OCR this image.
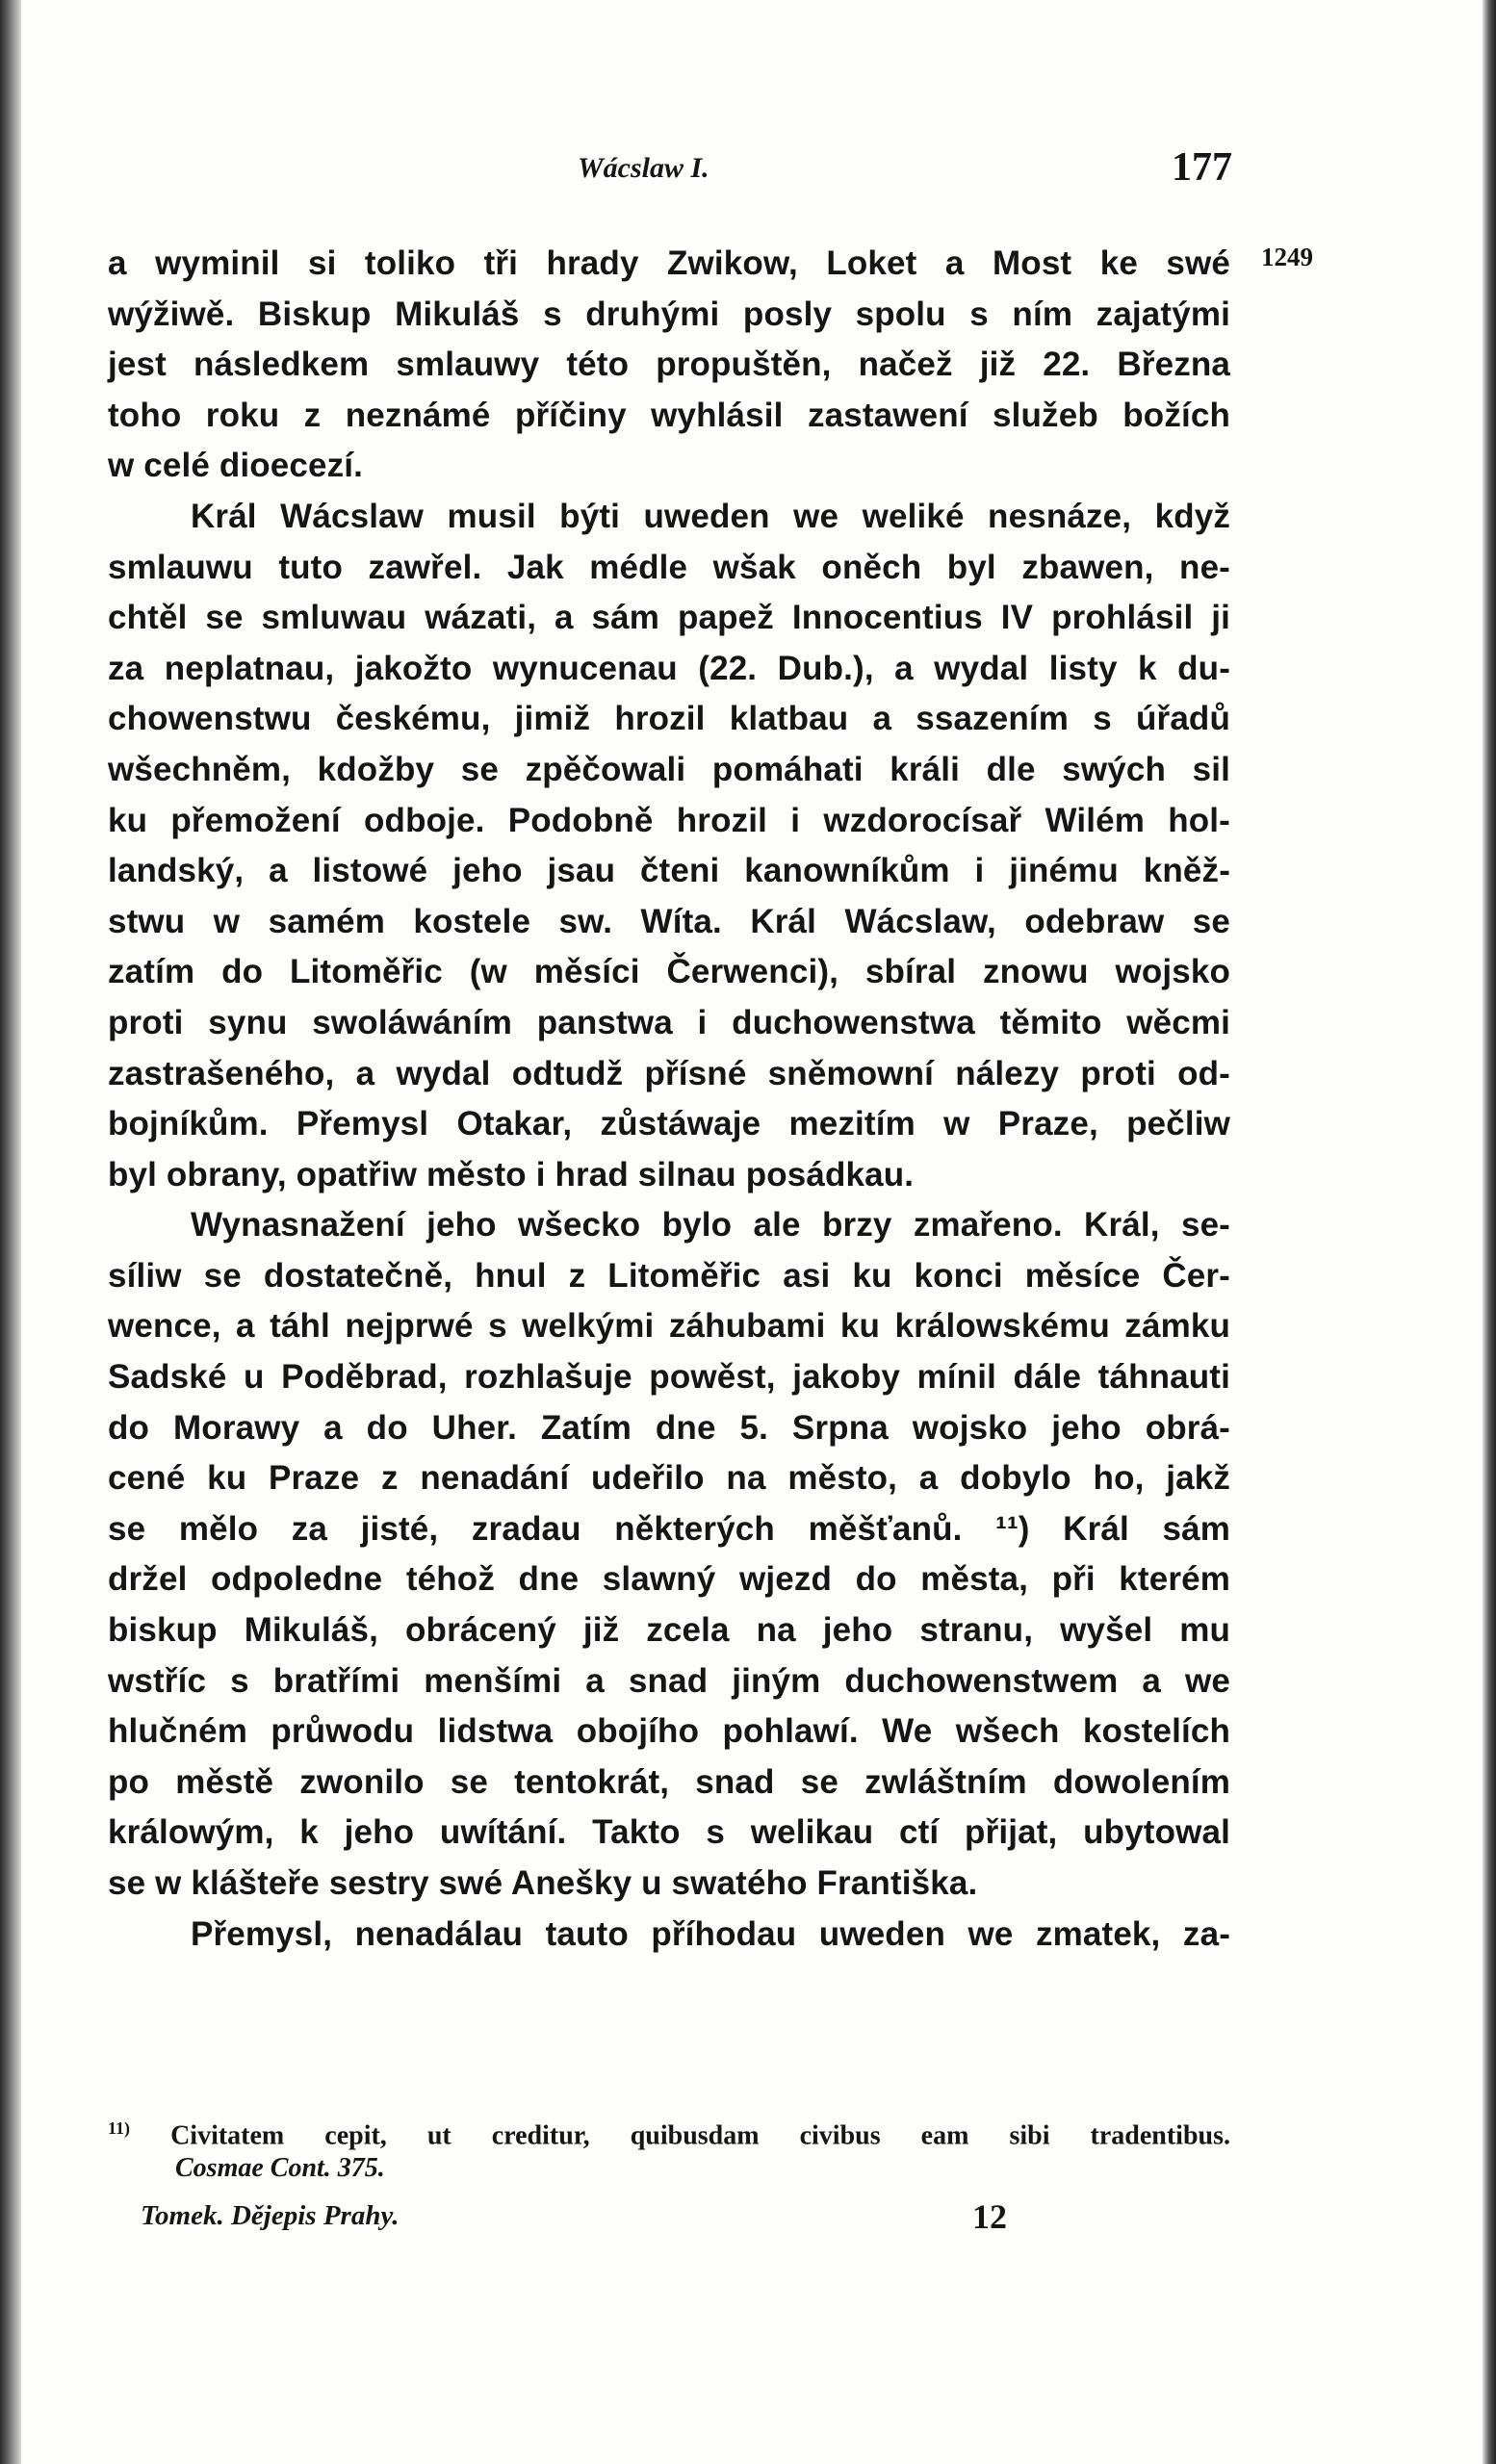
Wácslaw I.	177
1249
a wyminil si toliko tři hrady Zwikow, Loket a Most ke swé
wýžiwě. Biskup Mikuláš s druhými posly spolu s ním zajatými
jest následkem smlauwy této propuštěn, načež již 22. Března
toho roku z neznámé příčiny wyhlásil zastawení služeb božích
w celé dioecezí.
Král Wácslaw musil býti uweden we weliké nesnáze, když
smlauwu tuto zawřel. Jak médle wšak oněch byl zbawen, ne-
chtěl se smluwau wázati, a sám papež Innocentius IV prohlásil ji
za neplatnau, jakožto wynucenau (22. Dub.), a wydal listy k du-
chowenstwu českému, jimiž hrozil klatbau a ssazením s úřadů
wšechněm, kdožby se zpěčowali pomáhati králi dle swých sil
ku přemožení odboje. Podobně hrozil i wzdorocísař Wilém hol-
landský, a listowé jeho jsau čteni kanowníkům i jinému kněž-
stwu w samém kostele sw. Wíta. Král Wácslaw, odebraw se
zatím do Litoměřic (w měsíci Čerwenci), sbíral znowu wojsko
proti synu swoláwáním panstwa i duchowenstwa těmito wěcmi
zastrašeného, a wydal odtudž přísné sněmowní nálezy proti od-
bojníkům. Přemysl Otakar, zůstáwaje mezitím w Praze, pečliw
byl obrany, opatřiw město i hrad silnau posádkau.
Wynasnažení jeho wšecko bylo ale brzy zmařeno. Král, se-
síliw se dostatečně, hnul z Litoměřic asi ku konci měsíce Čer-
wence, a táhl nejprwé s welkými záhubami ku králowskému zámku
Sadské u Poděbrad, rozhlašuje powěst, jakoby mínil dále táhnauti
do Morawy a do Uher. Zatím dne 5. Srpna wojsko jeho obrá-
cené ku Praze z nenadání udeřilo na město, a dobylo ho, jakž
se mělo za jisté, zradau některých měšťanů. ¹¹) Král sám
držel odpoledne téhož dne slawný wjezd do města, při kterém
biskup Mikuláš, obrácený již zcela na jeho stranu, wyšel mu
wstříc s bratřími menšími a snad jiným duchowenstwem a we
hlučném průwodu lidstwa obojího pohlawí. We wšech kostelích
po městě zwonilo se tentokrát, snad se zwláštním dowolením
králowým, k jeho uwítání. Takto s welikau ctí přijat, ubytowal
se w klášteře sestry swé Anešky u swatého Františka.
Přemysl, nenadálau tauto příhodau uweden we zmatek, za-
$^{11)}$ Civitatem cepit, ut creditur, quibusdam civibus eam sibi tradentibus.
Cosmae Cont. 375.
Tomek. Dějepis Prahy.	12
